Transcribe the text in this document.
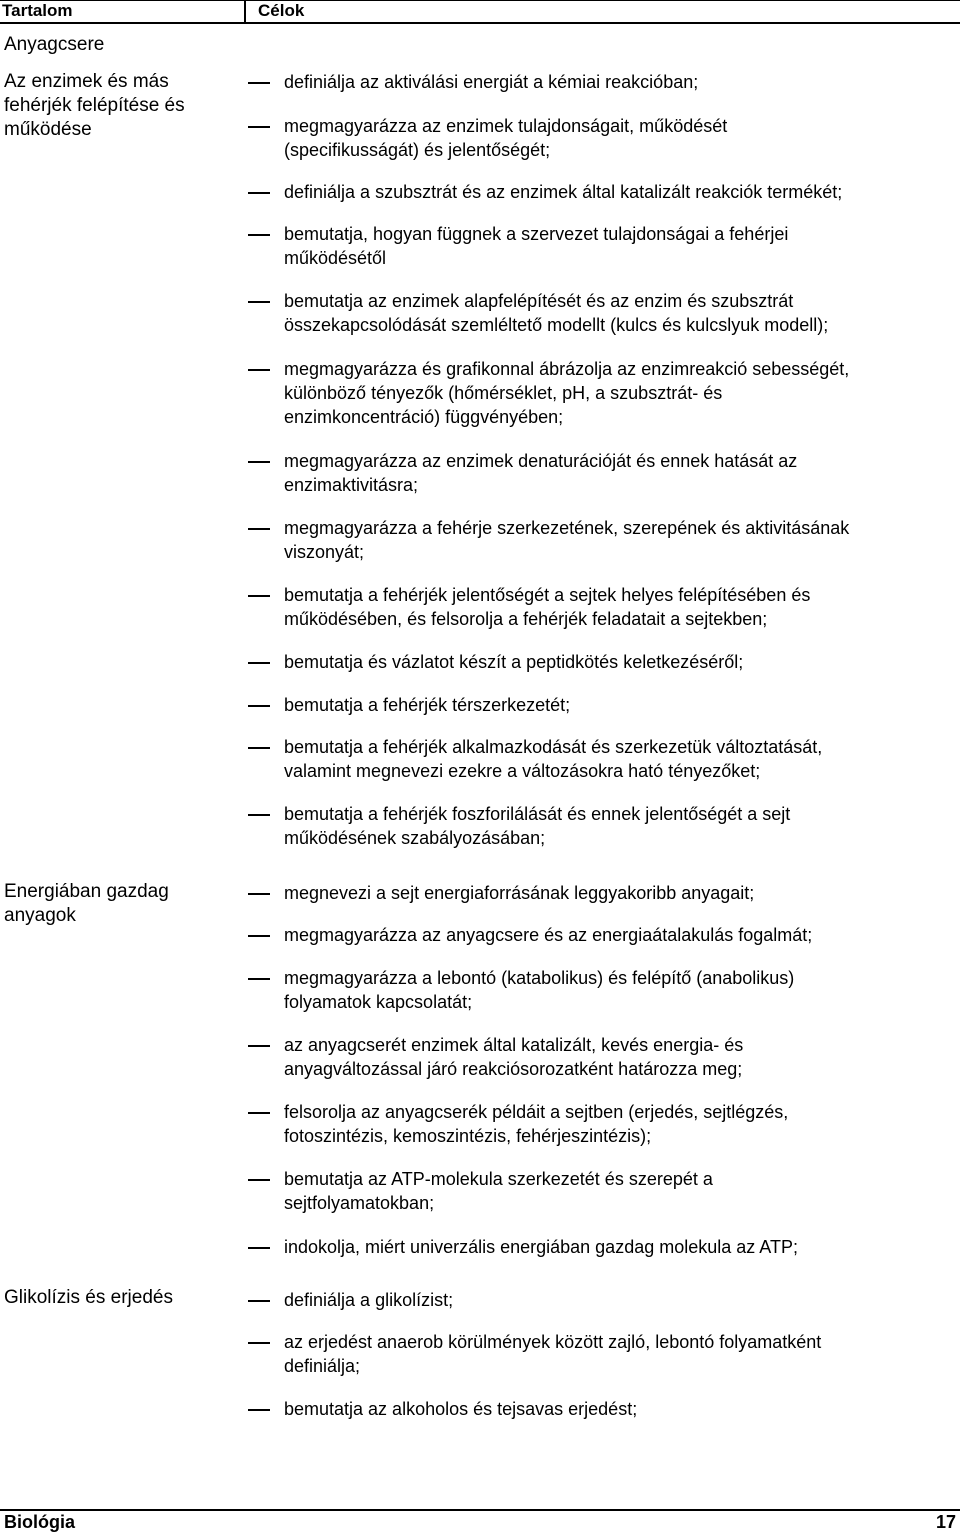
Tartalom	Célok
Anyagcsere
Az enzimek és más fehérjék felépítése és működése
Energiában gazdag anyagok
Glikolízis és erjedés
definiálja az aktiválási energiát a kémiai reakcióban;
megmagyarázza az enzimek tulajdonságait, működését
(specifikusságát) és jelentőségét;
definiálja a szubsztrát és az enzimek által katalizált reakciók termékét;
bemutatja, hogyan függnek a szervezet tulajdonságai a fehérjei
működésétől
bemutatja az enzimek alapfelépítését és az enzim és szubsztrát
összekapcsolódását szemléltető modellt (kulcs és kulcslyuk modell);
megmagyarázza és grafikonnal ábrázolja az enzimreakció sebességét,
különböző tényezők (hőmérséklet, pH, a szubsztrát- és
enzimkoncentráció) függvényében;
megmagyarázza az enzimek denaturációját és ennek hatását az
enzimaktivitásra;
megmagyarázza a fehérje szerkezetének, szerepének és aktivitásának
viszonyát;
bemutatja a fehérjék jelentőségét a sejtek helyes felépítésében és
működésében, és felsorolja a fehérjék feladatait a sejtekben;
bemutatja és vázlatot készít a peptidkötés keletkezéséről;
bemutatja a fehérjék térszerkezetét;
bemutatja a fehérjék alkalmazkodását és szerkezetük változtatását,
valamint megnevezi ezekre a változásokra ható tényezőket;
bemutatja a fehérjék foszforilálását és ennek jelentőségét a sejt
működésének szabályozásában;
megnevezi a sejt energiaforrásának leggyakoribb anyagait;
megmagyarázza az anyagcsere és az energiaátalakulás fogalmát;
megmagyarázza a lebontó (katabolikus) és felépítő (anabolikus)
folyamatok kapcsolatát;
az anyagcserét enzimek által katalizált, kevés energia- és
anyagváltozással járó reakciósorozatként határozza meg;
felsorolja az anyagcserék példáit a sejtben (erjedés, sejtlégzés,
fotoszintézis, kemoszintézis, fehérjeszintézis);
bemutatja az ATP-molekula szerkezetét és szerepét a
sejtfolyamatokban;
indokolja, miért univerzális energiában gazdag molekula az ATP;
definiálja a glikolízist;
az erjedést anaerob körülmények között zajló, lebontó folyamatként
definiálja;
bemutatja az alkoholos és tejsavas erjedést;
Biológia	17
